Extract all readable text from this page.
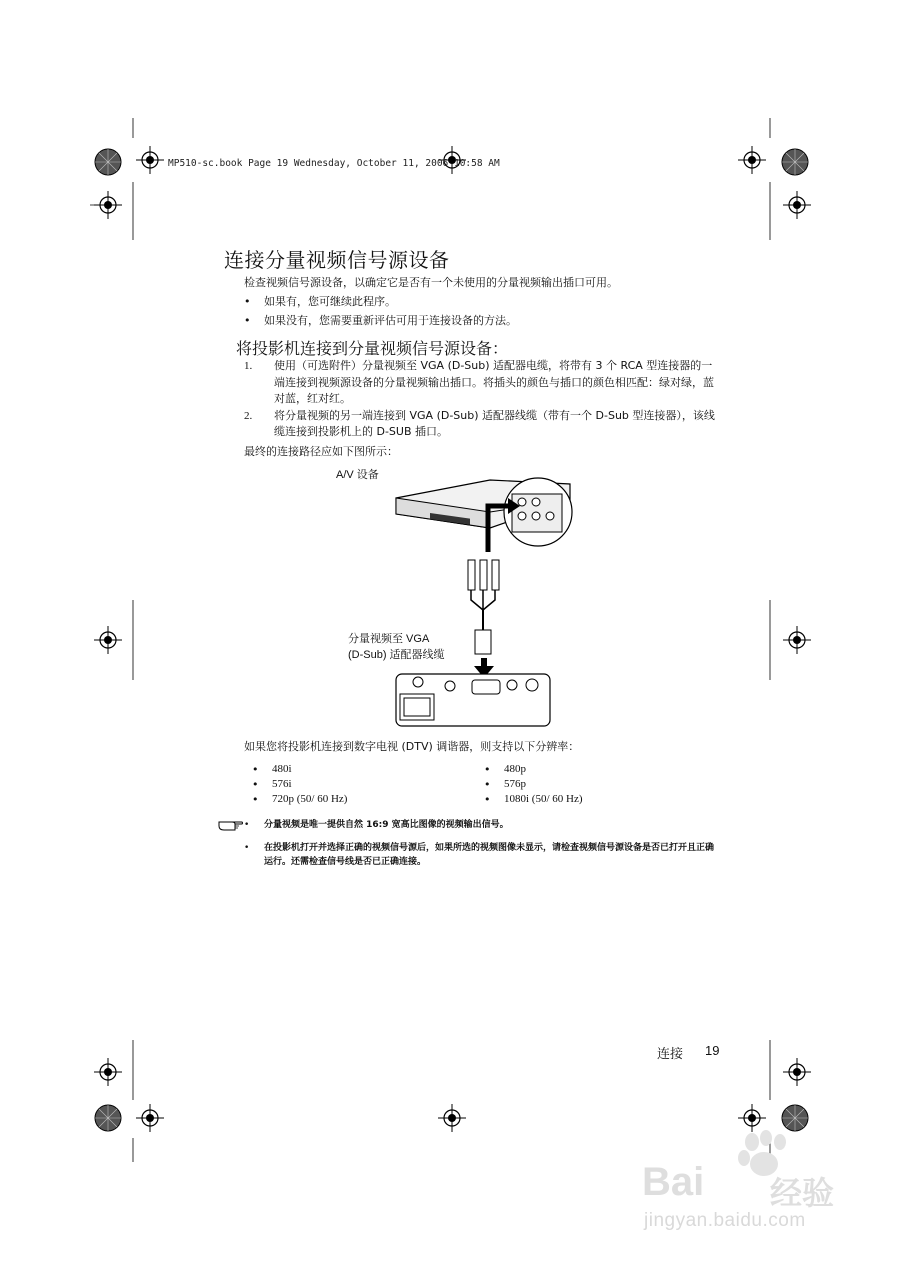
MP510-sc.book Page 19 Wednesday, October 11, 2006 10:58 AM
连接分量视频信号源设备
检查视频信号源设备，以确定它是否有一个未使用的分量视频输出插口可用。
• 如果有，您可继续此程序。
• 如果没有，您需要重新评估可用于连接设备的方法。
将投影机连接到分量视频信号源设备：
1. 使用（可选附件）分量视频至 VGA (D-Sub) 适配器电缆，将带有 3 个 RCA 型连接器的一端连接到视频源设备的分量视频输出插口。将插头的颜色与插口的颜色相匹配：绿对绿，蓝对蓝，红对红。
2. 将分量视频的另一端连接到 VGA (D-Sub) 适配器线缆（带有一个 D-Sub 型连接器），该线缆连接到投影机上的 D-SUB 插口。
最终的连接路径应如下图所示：
A/V 设备
分量视频至 VGA
(D-Sub) 适配器线缆
如果您将投影机连接到数字电视 (DTV) 调谐器，则支持以下分辨率：
• 480i
• 576i
• 720p (50/ 60 Hz)
• 480p
• 576p
• 1080i (50/ 60 Hz)
• 分量视频是唯一提供自然 16:9 宽高比图像的视频输出信号。
• 在投影机打开并选择正确的视频信号源后，如果所选的视频图像未显示，请检查视频信号源设备是否已打开且正确运行。还需检查信号线是否已正确连接。
连接 19
Bai 经验
jingyan.baidu.com
